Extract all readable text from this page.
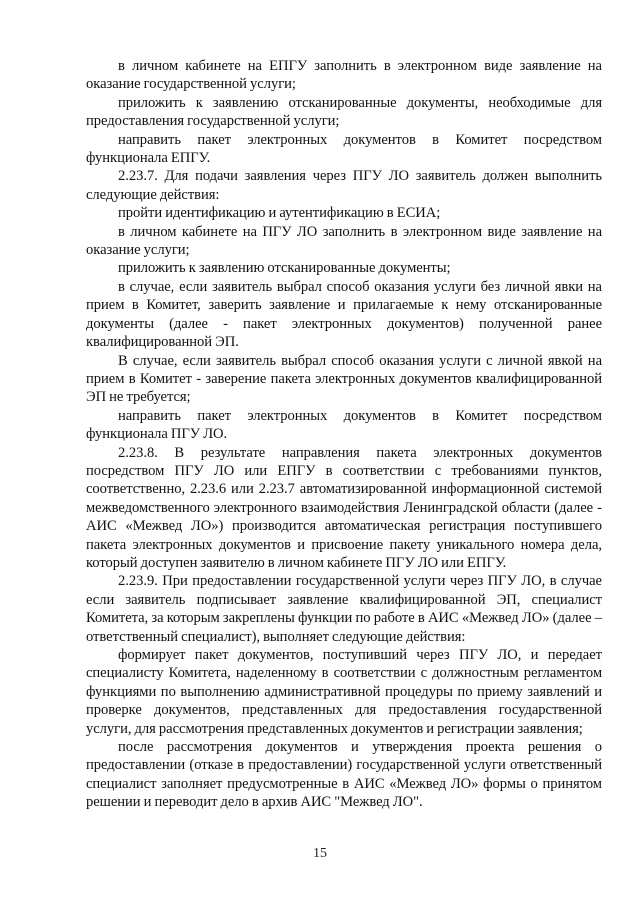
в личном кабинете на ЕПГУ заполнить в электронном виде заявление на оказание государственной услуги;

приложить к заявлению отсканированные документы, необходимые для предоставления государственной услуги;

направить пакет электронных документов в Комитет посредством функционала ЕПГУ.

2.23.7. Для подачи заявления через ПГУ ЛО заявитель должен выполнить следующие действия:

пройти идентификацию и аутентификацию в ЕСИА;

в личном кабинете на ПГУ ЛО заполнить в электронном виде заявление на оказание услуги;

приложить к заявлению отсканированные документы;

в случае, если заявитель выбрал способ оказания услуги без личной явки на прием в Комитет, заверить заявление и прилагаемые к нему отсканированные документы (далее - пакет электронных документов) полученной ранее квалифицированной ЭП.

В случае, если заявитель выбрал способ оказания услуги с личной явкой на прием в Комитет - заверение пакета электронных документов квалифицированной ЭП не требуется;

направить пакет электронных документов в Комитет посредством функционала ПГУ ЛО.

2.23.8. В результате направления пакета электронных документов посредством ПГУ ЛО или ЕПГУ в соответствии с требованиями пунктов, соответственно, 2.23.6 или 2.23.7 автоматизированной информационной системой межведомственного электронного взаимодействия Ленинградской области (далее - АИС «Межвед ЛО») производится автоматическая регистрация поступившего пакета электронных документов и присвоение пакету уникального номера дела, который доступен заявителю в личном кабинете ПГУ ЛО или ЕПГУ.

2.23.9. При предоставлении государственной услуги через ПГУ ЛО, в случае если заявитель подписывает заявление квалифицированной ЭП, специалист Комитета, за которым закреплены функции по работе в АИС «Межвед ЛО» (далее – ответственный специалист), выполняет следующие действия:

формирует пакет документов, поступивший через ПГУ ЛО, и передает специалисту Комитета, наделенному в соответствии с должностным регламентом функциями по выполнению административной процедуры по приему заявлений и проверке документов, представленных для предоставления государственной услуги, для рассмотрения представленных документов и регистрации заявления;

после рассмотрения документов и утверждения проекта решения о предоставлении (отказе в предоставлении) государственной услуги ответственный специалист заполняет предусмотренные в АИС «Межвед ЛО» формы о принятом решении и переводит дело в архив АИС "Межвед ЛО".

15
